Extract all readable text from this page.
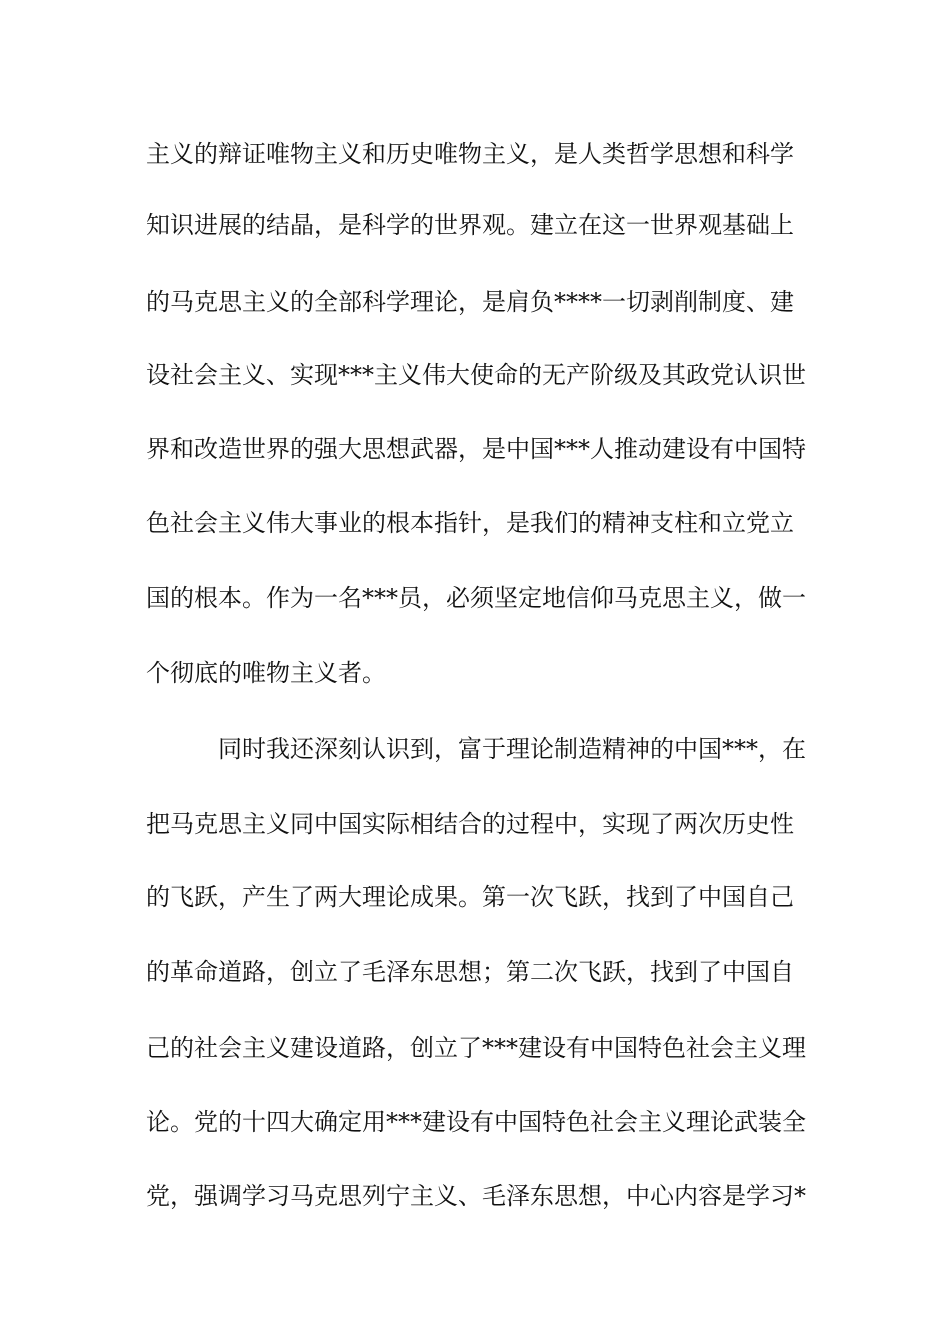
主义的辩证唯物主义和历史唯物主义，是人类哲学思想和科学
知识进展的结晶，是科学的世界观。建立在这一世界观基础上
的马克思主义的全部科学理论，是肩负****一切剥削制度、建
设社会主义、实现***主义伟大使命的无产阶级及其政党认识世
界和改造世界的强大思想武器，是中国***人推动建设有中国特
色社会主义伟大事业的根本指针，是我们的精神支柱和立党立
国的根本。作为一名***员，必须坚定地信仰马克思主义，做一
个彻底的唯物主义者。
同时我还深刻认识到，富于理论制造精神的中国***，在
把马克思主义同中国实际相结合的过程中，实现了两次历史性
的飞跃，产生了两大理论成果。第一次飞跃，找到了中国自己
的革命道路，创立了毛泽东思想；第二次飞跃，找到了中国自
己的社会主义建设道路，创立了***建设有中国特色社会主义理
论。党的十四大确定用***建设有中国特色社会主义理论武装全
党，强调学习马克思列宁主义、毛泽东思想，中心内容是学习*
